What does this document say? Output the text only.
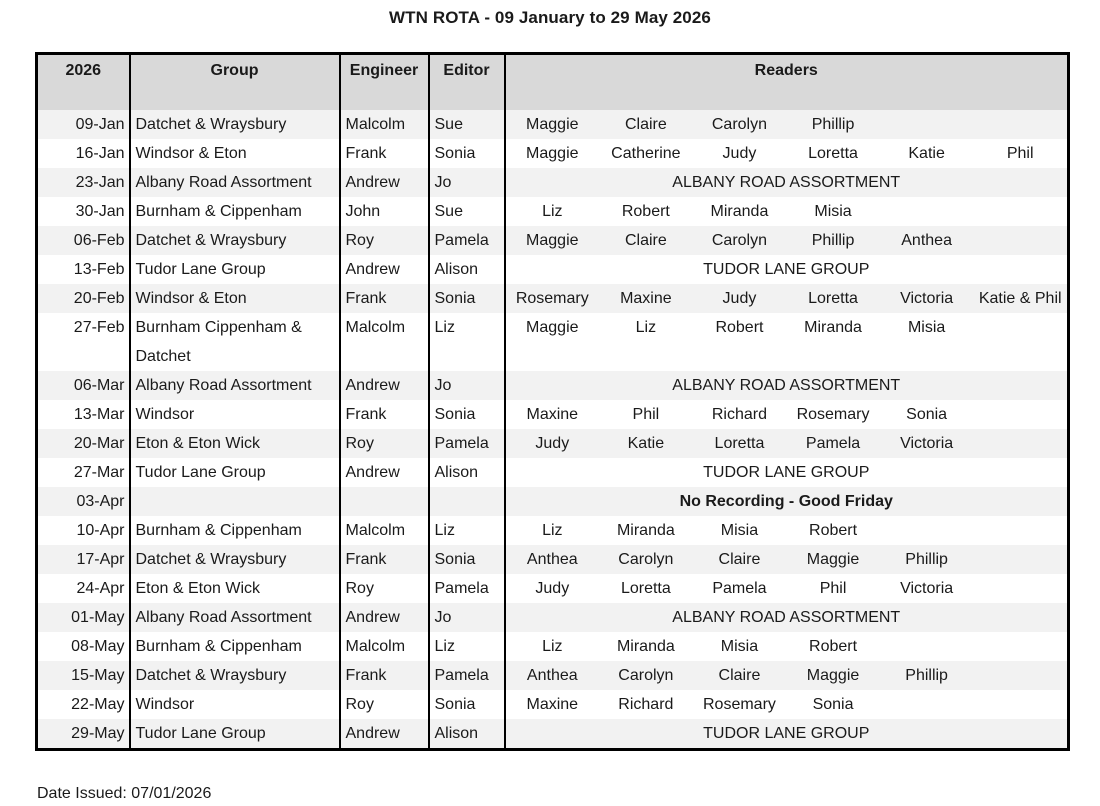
WTN ROTA - 09 January to 29 May 2026
2026	Group	Engineer	Editor	Readers
09-Jan	Datchet & Wraysbury	Malcolm	Sue	Maggie Claire Carolyn Phillip

16-Jan	Windsor & Eton	Frank	Sonia	Maggie	Catherine	Judy	Loretta	Katie	Phil

23-Jan	Albany Road Assortment	Andrew	Jo	ALBANY ROAD ASSORTMENT

30-Jan	Burnham & Cippenham	John	Sue	Liz Robert Miranda Misia

06-Feb	Datchet & Wraysbury	Roy	Pamela	Maggie Claire Carolyn Phillip Anthea

13-Feb	Tudor Lane Group	Andrew	Alison	TUDOR LANE GROUP

20-Feb	Windsor & Eton	Frank	Sonia	Rosemary	Maxine	Judy	Loretta	Victoria	Katie & Phil

27-Feb	Burnham Cippenham & Datchet	Malcolm	Liz	Maggie Liz Robert Miranda Misia

06-Mar	Albany Road Assortment	Andrew	Jo	ALBANY ROAD ASSORTMENT

13-Mar	Windsor	Frank	Sonia	Maxine Phil Richard Rosemary Sonia

20-Mar	Eton & Eton Wick	Roy	Pamela	Judy Katie Loretta Pamela Victoria

27-Mar	Tudor Lane Group	Andrew	Alison	TUDOR LANE GROUP

03-Apr				No Recording - Good Friday

10-Apr	Burnham & Cippenham	Malcolm	Liz	Liz Miranda Misia Robert

17-Apr	Datchet & Wraysbury	Frank	Sonia	Anthea Carolyn Claire Maggie Phillip

24-Apr	Eton & Eton Wick	Roy	Pamela	Judy Loretta Pamela Phil Victoria

01-May	Albany Road Assortment	Andrew	Jo	ALBANY ROAD ASSORTMENT

08-May	Burnham & Cippenham	Malcolm	Liz	Liz Miranda Misia Robert

15-May	Datchet & Wraysbury	Frank	Pamela	Anthea Carolyn Claire Maggie Phillip

22-May	Windsor	Roy	Sonia	Maxine Richard Rosemary Sonia

29-May	Tudor Lane Group	Andrew	Alison	TUDOR LANE GROUP
Date Issued: 07/01/2026
